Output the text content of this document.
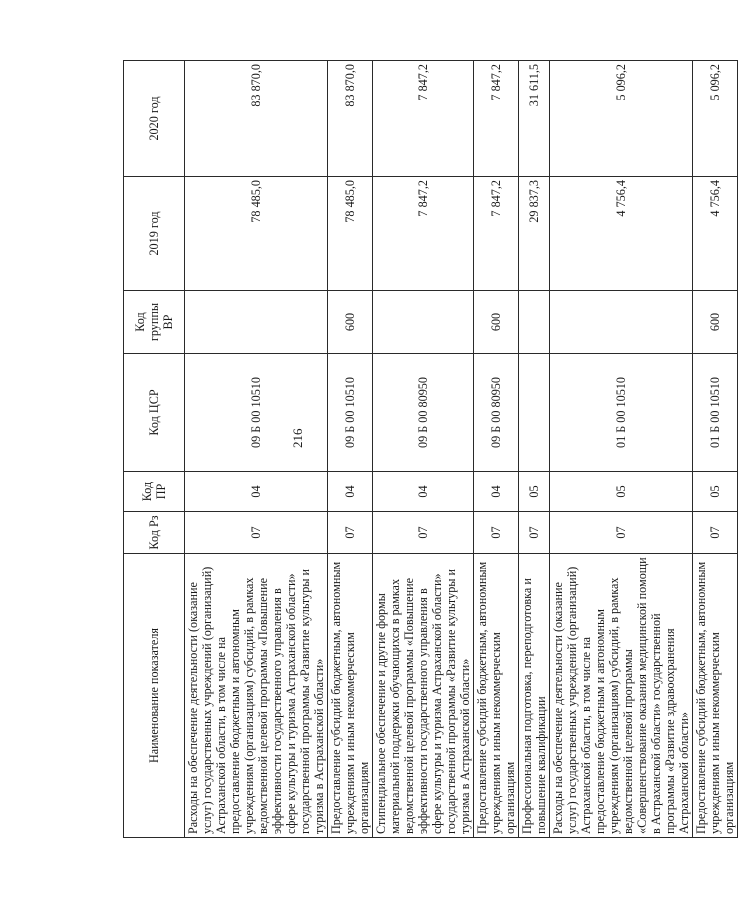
216
Наименование показателя	Код Рз	Код ПР	Код ЦСР	Код группы ВР	2019 год	2020 год
Расходы на обеспечение деятельности (оказание услуг) государственных учреждений (организаций) Астраханской области, в том числе на предоставление бюджетным и автономным учреждениям (организациям) субсидий, в рамках ведомственной целевой программы «Повышение эффективности государственного управления в сфере культуры и туризма Астраханской области» государственной программы «Развитие культуры и туризма в Астраханской области»	07	04	09 Б 00 10510		78 485,0	83 870,0
Предоставление субсидий бюджетным, автономным учреждениям и иным некоммерческим организациям	07	04	09 Б 00 10510	600	78 485,0	83 870,0
Стипендиальное обеспечение и другие формы материальной поддержки обучающихся в рамках ведомственной целевой программы «Повышение эффективности государственного управления в сфере культуры и туризма Астраханской области» государственной программы «Развитие культуры и туризма в Астраханской области»	07	04	09 Б 00 80950		7 847,2	7 847,2
Предоставление субсидий бюджетным, автономным учреждениям и иным некоммерческим организациям	07	04	09 Б 00 80950	600	7 847,2	7 847,2
Профессиональная подготовка, переподготовка и повышение квалификации	07	05			29 837,3	31 611,5
Расходы на обеспечение деятельности (оказание услуг) государственных учреждений (организаций) Астраханской области, в том числе на предоставление бюджетным и автономным учреждениям (организациям) субсидий, в рамках ведомственной целевой программы «Совершенствование оказания медицинской помощи в Астраханской области» государственной программы «Развитие здравоохранения Астраханской области»	07	05	01 Б 00 10510		4 756,4	5 096,2
Предоставление субсидий бюджетным, автономным учреждениям и иным некоммерческим организациям	07	05	01 Б 00 10510	600	4 756,4	5 096,2
